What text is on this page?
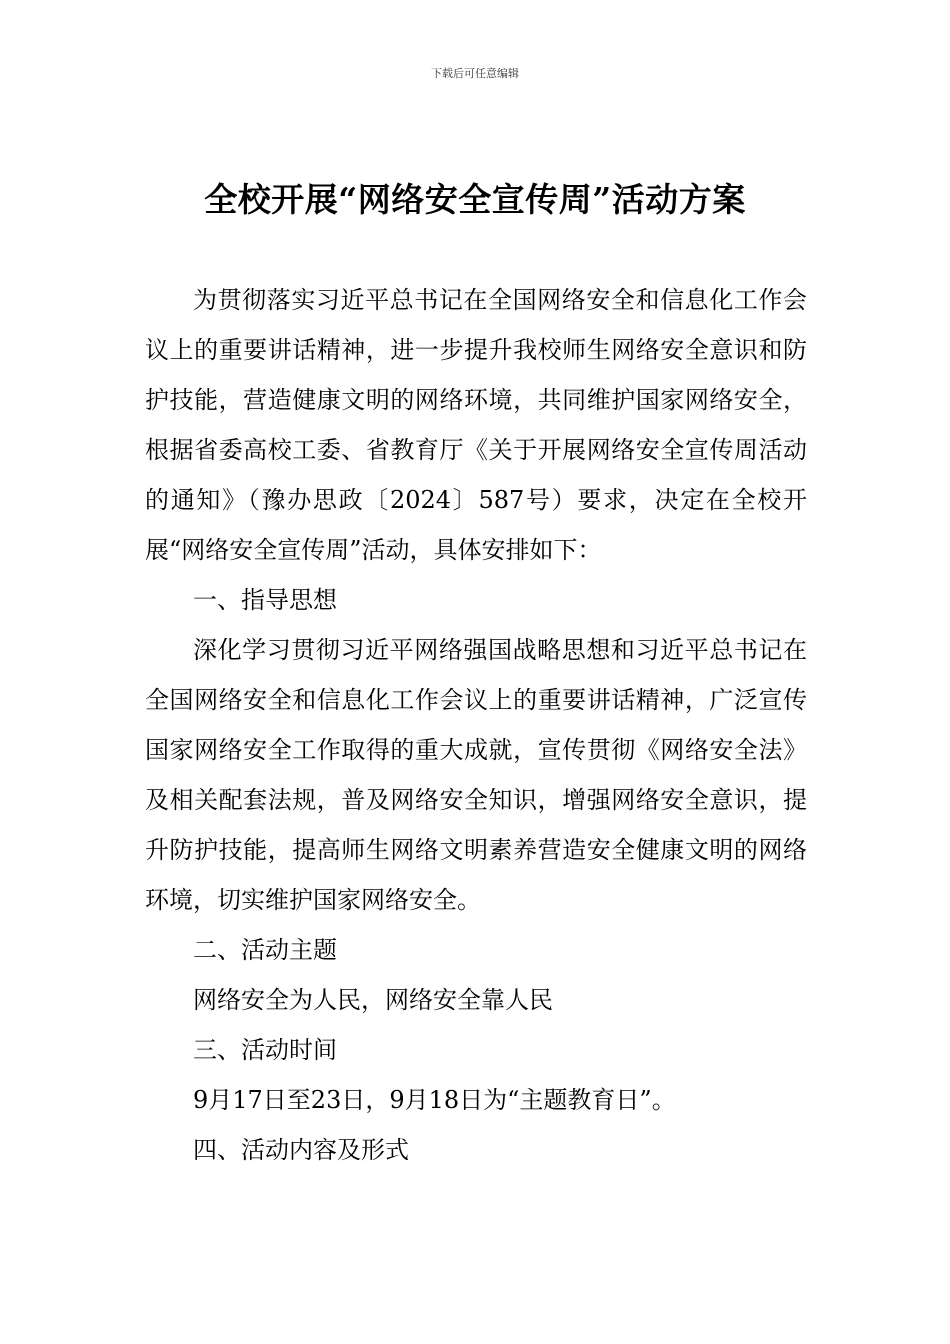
下载后可任意编辑
全校开展“网络安全宣传周”活动方案

为贯彻落实习近平总书记在全国网络安全和信息化工作会议上的重要讲话精神，进一步提升我校师生网络安全意识和防护技能，营造健康文明的网络环境，共同维护国家网络安全，根据省委高校工委、省教育厅《关于开展网络安全宣传周活动的通知》（豫办思政〔2024〕587号）要求，决定在全校开展“网络安全宣传周”活动，具体安排如下：

一、指导思想

深化学习贯彻习近平网络强国战略思想和习近平总书记在全国网络安全和信息化工作会议上的重要讲话精神，广泛宣传国家网络安全工作取得的重大成就，宣传贯彻《网络安全法》及相关配套法规，普及网络安全知识，增强网络安全意识，提升防护技能，提高师生网络文明素养营造安全健康文明的网络环境，切实维护国家网络安全。

二、活动主题

网络安全为人民，网络安全靠人民

三、活动时间

9月17日至23日，9月18日为“主题教育日”。

四、活动内容及形式
